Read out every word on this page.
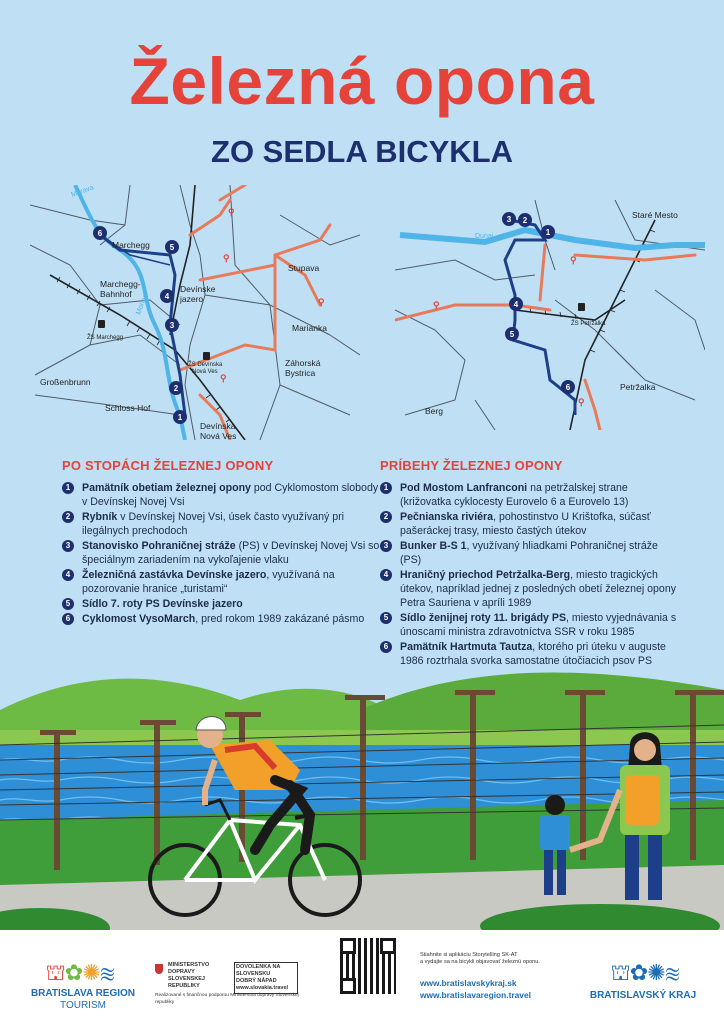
Železná opona
ZO SEDLA BICYKLA
6
5
4
3
2
1
⚲
⚲
⚲
⚲
Morava
Marchegg
Marchegg-
Bahnhof
ŽS Marchegg
Devínske
jazero
Stupava
Marianka
ŽS Devínska
Nová Ves
Záhorská
Bystrica
Großenbrunn
Schloss Hof
Devínska
Nová Ves
Morava
3 2
1
4
5
6
⚲
⚲
⚲
Staré Mesto
Dunaj
ŽS Petržalka
Petržalka
Berg
PO STOPÁCH ŽELEZNEJ OPONY
1	Pamätník obetiam železnej opony pod Cyklomostom slobody v Devínskej Novej Vsi
2	Rybník v Devínskej Novej Vsi, úsek často využívaný pri ilegálnych prechodoch
3	Stanovisko Pohraničnej stráže (PS) v Devínskej Novej Vsi so špeciálnym zariadením na vykoľajenie vlaku
4	Železničná zastávka Devínske jazero, využívaná na pozorovanie hranice „turistami“
5	Sídlo 7. roty PS Devínske jazero
6	Cyklomost VysoMarch, pred rokom 1989 zakázané pásmo
PRÍBEHY ŽELEZNEJ OPONY
1	Pod Mostom Lanfranconi na petržalskej strane (križovatka cyklocesty Eurovelo 6 a Eurovelo 13)
2	Pečnianska riviéra, pohostinstvo U Krištofka, súčasť pašeráckej trasy, miesto častých útekov
3	Bunker B-S 1, využívaný hliadkami Pohraničnej stráže (PS)
4	Hraničný priechod Petržalka-Berg, miesto tragických útekov, napríklad jednej z posledných obetí železnej opony Petra Sauriena v apríli 1989
5	Sídlo ženijnej roty 11. brigády PS, miesto vyjednávania s únoscami ministra zdravotníctva SSR v roku 1985
6	Pamätník Hartmuta Tautza, ktorého pri úteku v auguste 1986 roztrhala svorka samostatne útočiacich psov PS
⛫✿✺≋
BRATISLAVA REGION
TOURISM
MINISTERSTVO
DOPRAVY
SLOVENSKEJ REPUBLIKY
DOVOLENKA NA
SLOVENSKU
DOBRÝ NÁPAD
www.slovakia.travel
Realizované s finančnou podporou Ministerstva dopravy Slovenskej republiky
Stiahnite si aplikáciu Storytelling SK-AT
a vydajte sa na bicykli objavovať železnú oponu.
www.bratislavskykraj.sk
www.bratislavaregion.travel
⛫✿✺≋
BRATISLAVSKÝ KRAJ
